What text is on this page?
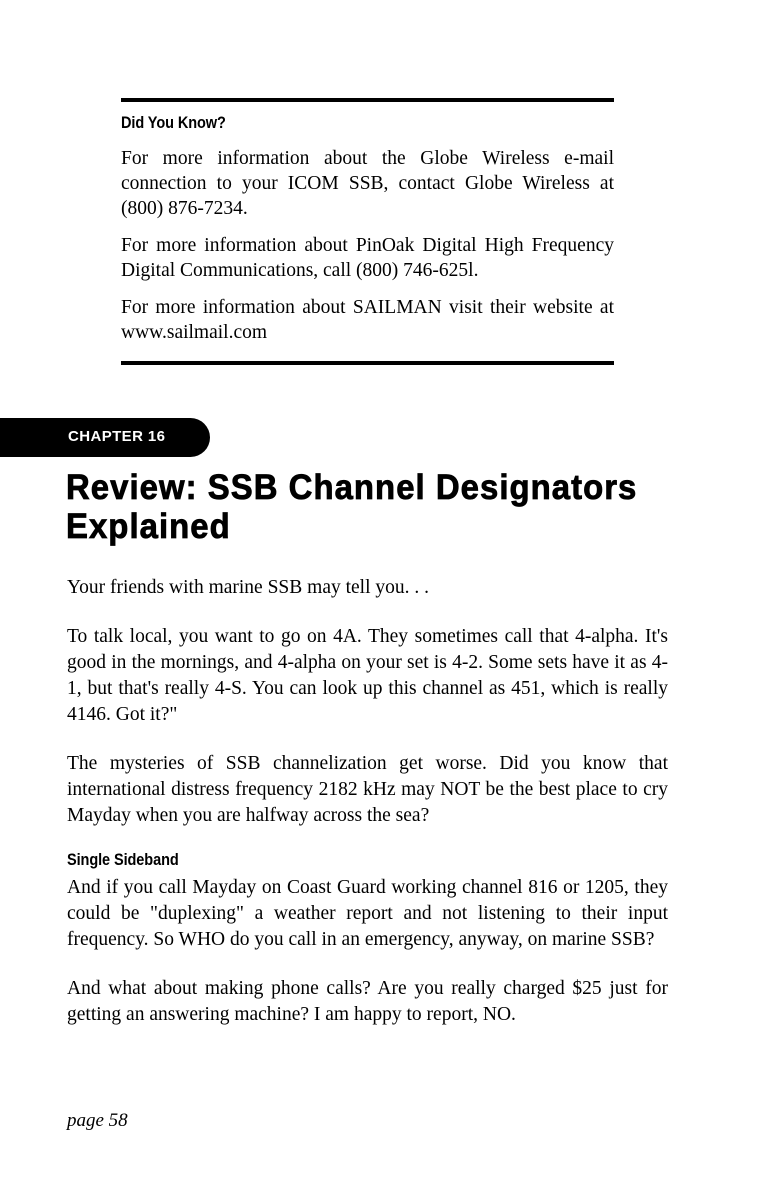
Did You Know?

For more information about the Globe Wireless e-mail connection to your ICOM SSB, contact Globe Wireless at (800) 876-7234.

For more information about PinOak Digital High Frequency Digital Communications, call (800) 746-625l.

For more information about SAILMAN visit their website at www.sailmail.com

CHAPTER 16
Review: SSB Channel Designators Explained

Your friends with marine SSB may tell you. . .

To talk local, you want to go on 4A. They sometimes call that 4-alpha. It's good in the mornings, and 4-alpha on your set is 4-2. Some sets have it as 4-1, but that's really 4-S. You can look up this channel as 451, which is really 4146. Got it?"

The mysteries of SSB channelization get worse. Did you know that international distress frequency 2182 kHz may NOT be the best place to cry Mayday when you are halfway across the sea?

Single Sideband

And if you call Mayday on Coast Guard working channel 816 or 1205, they could be "duplexing" a weather report and not listening to their input frequency. So WHO do you call in an emergency, anyway, on marine SSB?

And what about making phone calls? Are you really charged $25 just for getting an answering machine? I am happy to report, NO.

page 58
